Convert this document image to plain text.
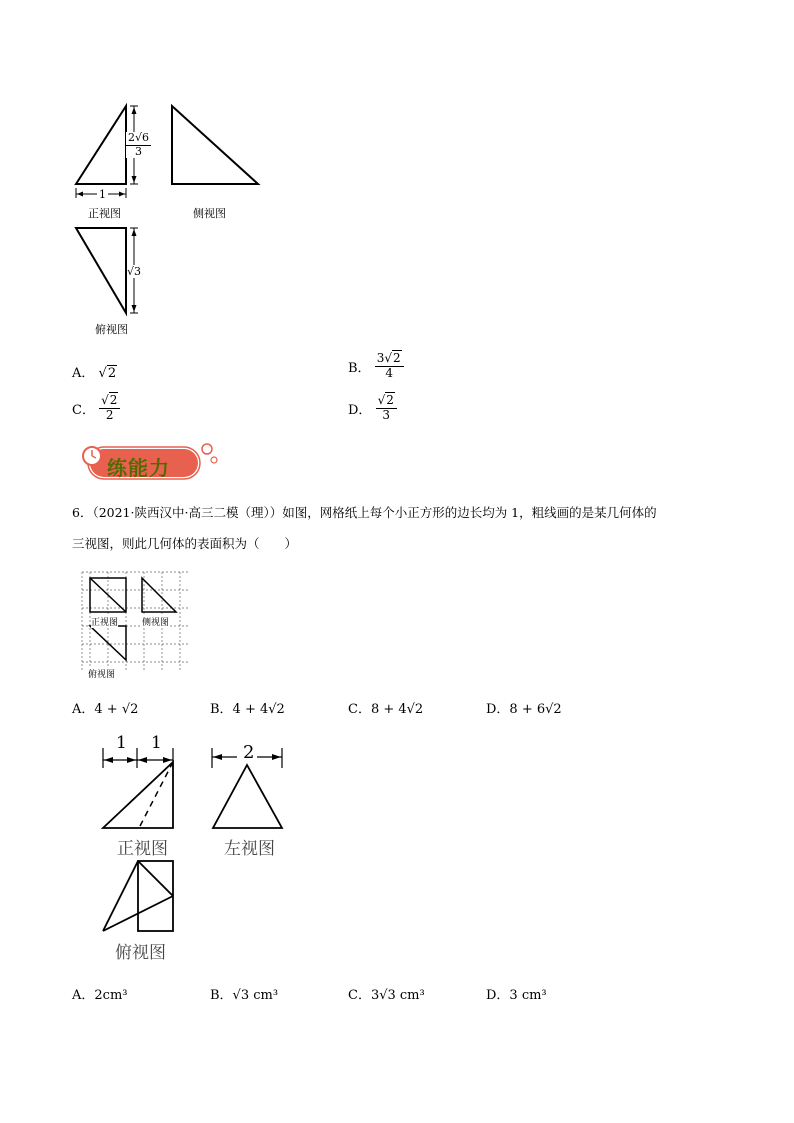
$\frac{2√6}{3}$
1
√3
正视图	侧视图
俯视图
A． √2	B． $\frac{3√2}{4}$
C． $\frac{√2}{2}$	D． $\frac{√2}{3}$
练能力
6．（2021·陕西汉中·高三二模（理））如图，网格纸上每个小正方形的边长均为 1，粗线画的是某几何体的
三视图，则此几何体的表面积为（　　）
正视图	侧视图
俯视图
A．4 + √2	B．4 + 4√2	C．8 + 4√2	D．8 + 6√2
1 1	2
正视图	左视图
俯视图
A．2cm³	B．√3 cm³	C．3√3 cm³	D．3 cm³
